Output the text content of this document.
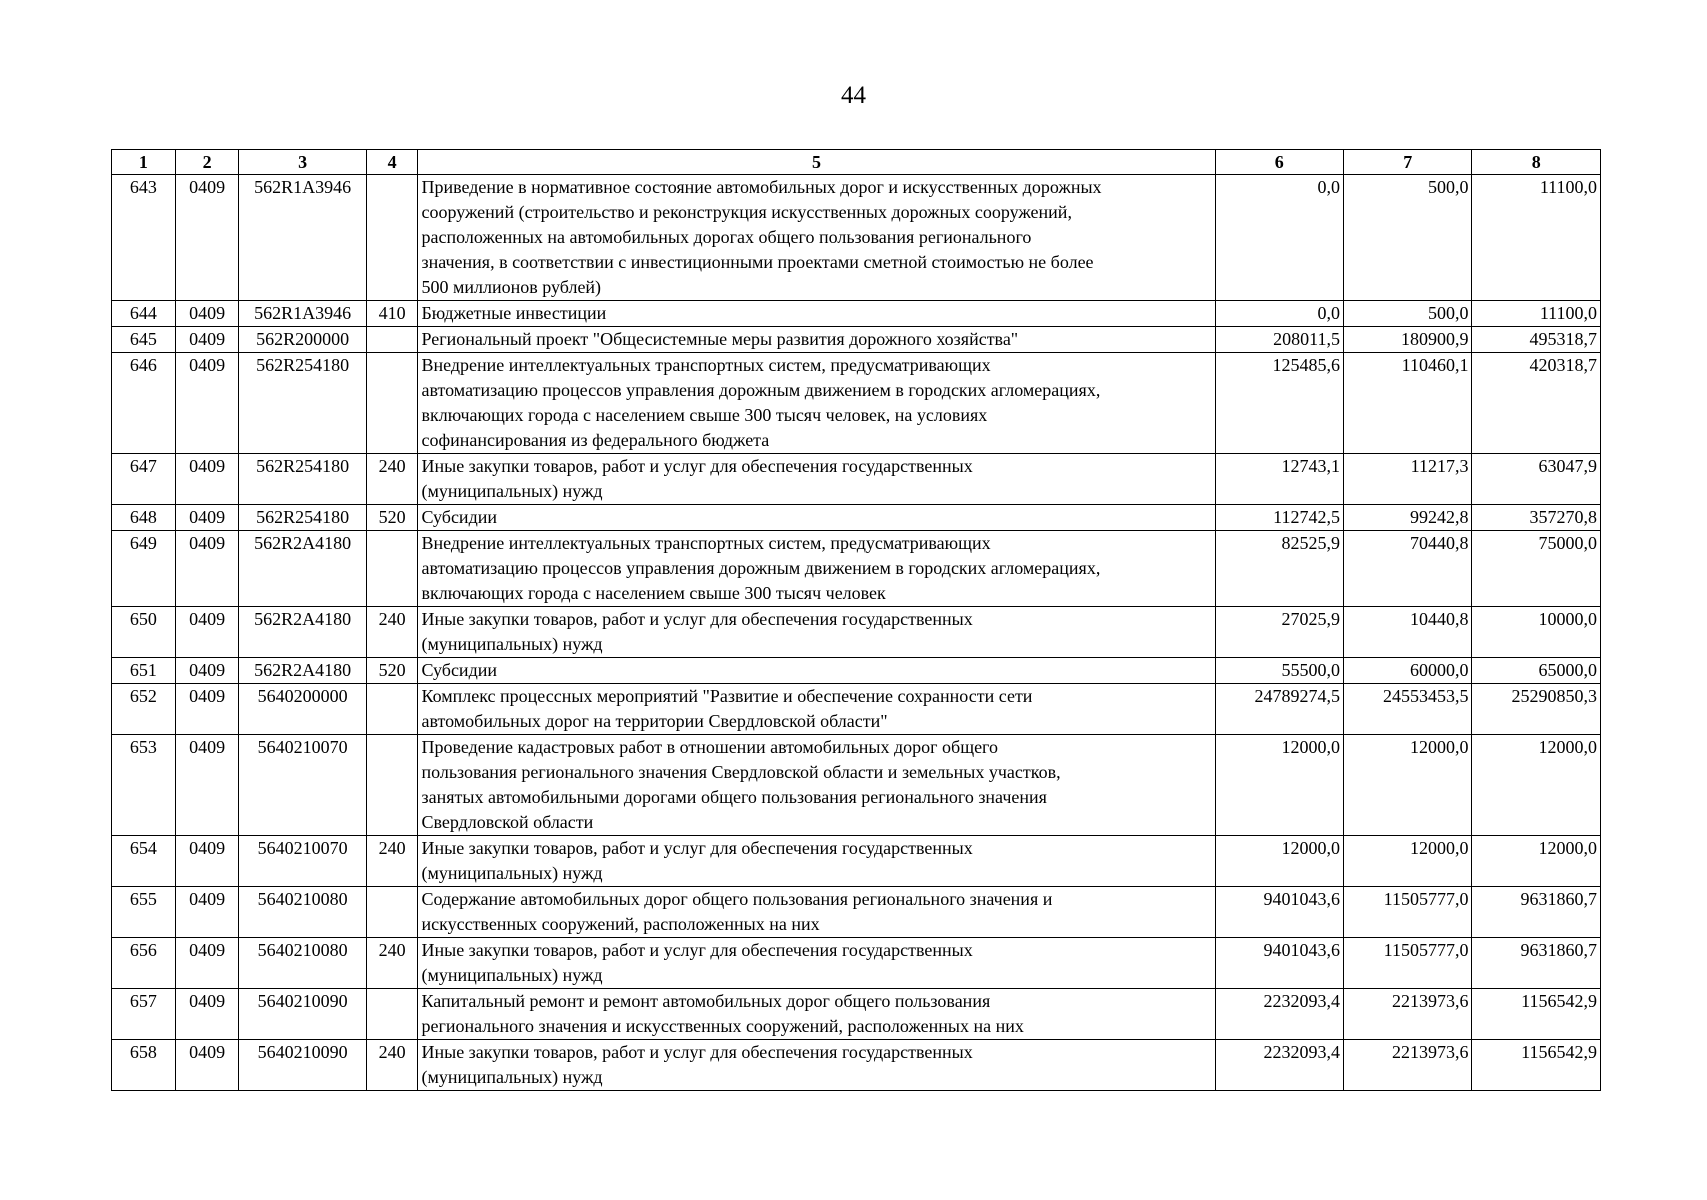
44
1	2	3	4	5	6	7	8
643	0409	562R1A3946		Приведение в нормативное состояние автомобильных дорог и искусственных дорожных
сооружений (строительство и реконструкция искусственных дорожных сооружений,
расположенных на автомобильных дорогах общего пользования регионального
значения, в соответствии с инвестиционными проектами сметной стоимостью не более
500 миллионов рублей)	0,0	500,0	11100,0
644	0409	562R1A3946	410	Бюджетные инвестиции	0,0	500,0	11100,0
645	0409	562R200000		Региональный проект "Общесистемные меры развития дорожного хозяйства"	208011,5	180900,9	495318,7
646	0409	562R254180		Внедрение интеллектуальных транспортных систем, предусматривающих
автоматизацию процессов управления дорожным движением в городских агломерациях,
включающих города с населением свыше 300 тысяч человек, на условиях
софинансирования из федерального бюджета	125485,6	110460,1	420318,7
647	0409	562R254180	240	Иные закупки товаров, работ и услуг для обеспечения государственных
(муниципальных) нужд	12743,1	11217,3	63047,9
648	0409	562R254180	520	Субсидии	112742,5	99242,8	357270,8
649	0409	562R2A4180		Внедрение интеллектуальных транспортных систем, предусматривающих
автоматизацию процессов управления дорожным движением в городских агломерациях,
включающих города с населением свыше 300 тысяч человек	82525,9	70440,8	75000,0
650	0409	562R2A4180	240	Иные закупки товаров, работ и услуг для обеспечения государственных
(муниципальных) нужд	27025,9	10440,8	10000,0
651	0409	562R2A4180	520	Субсидии	55500,0	60000,0	65000,0
652	0409	5640200000		Комплекс процессных мероприятий "Развитие и обеспечение сохранности сети
автомобильных дорог на территории Свердловской области"	24789274,5	24553453,5	25290850,3
653	0409	5640210070		Проведение кадастровых работ в отношении автомобильных дорог общего
пользования регионального значения Свердловской области и земельных участков,
занятых автомобильными дорогами общего пользования регионального значения
Свердловской области	12000,0	12000,0	12000,0
654	0409	5640210070	240	Иные закупки товаров, работ и услуг для обеспечения государственных
(муниципальных) нужд	12000,0	12000,0	12000,0
655	0409	5640210080		Содержание автомобильных дорог общего пользования регионального значения и
искусственных сооружений, расположенных на них	9401043,6	11505777,0	9631860,7
656	0409	5640210080	240	Иные закупки товаров, работ и услуг для обеспечения государственных
(муниципальных) нужд	9401043,6	11505777,0	9631860,7
657	0409	5640210090		Капитальный ремонт и ремонт автомобильных дорог общего пользования
регионального значения и искусственных сооружений, расположенных на них	2232093,4	2213973,6	1156542,9
658	0409	5640210090	240	Иные закупки товаров, работ и услуг для обеспечения государственных
(муниципальных) нужд	2232093,4	2213973,6	1156542,9
